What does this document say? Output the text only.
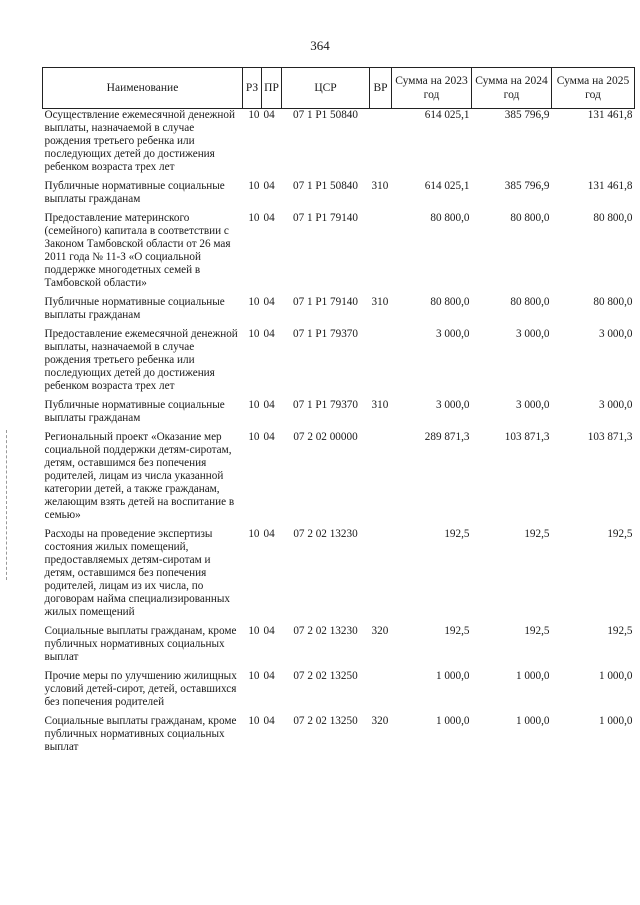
364
Наименование	РЗ	ПР	ЦСР	ВР	Сумма на 2023 год	Сумма на 2024 год	Сумма на 2025 год
Осуществление ежемесячной денежной выплаты, назначаемой в случае рождения третьего ребенка или последующих детей до достижения ребенком возраста трех лет	10	04	07 1 P1 50840		614 025,1	385 796,9	131 461,8
Публичные нормативные социальные выплаты гражданам	10	04	07 1 P1 50840	310	614 025,1	385 796,9	131 461,8
Предоставление материнского (семейного) капитала в соответствии с Законом Тамбовской области от 26 мая 2011 года № 11-З «О социальной поддержке многодетных семей в Тамбовской области»	10	04	07 1 P1 79140		80 800,0	80 800,0	80 800,0
Публичные нормативные социальные выплаты гражданам	10	04	07 1 P1 79140	310	80 800,0	80 800,0	80 800,0
Предоставление ежемесячной денежной выплаты, назначаемой в случае рождения третьего ребенка или последующих детей до достижения ребенком возраста трех лет	10	04	07 1 P1 79370		3 000,0	3 000,0	3 000,0
Публичные нормативные социальные выплаты гражданам	10	04	07 1 P1 79370	310	3 000,0	3 000,0	3 000,0
Региональный проект «Оказание мер социальной поддержки детям-сиротам, детям, оставшимся без попечения родителей, лицам из числа указанной категории детей, а также гражданам, желающим взять детей на воспитание в семью»	10	04	07 2 02 00000		289 871,3	103 871,3	103 871,3
Расходы на проведение экспертизы состояния жилых помещений, предоставляемых детям-сиротам и детям, оставшимся без попечения родителей, лицам из их числа, по договорам найма специализированных жилых помещений	10	04	07 2 02 13230		192,5	192,5	192,5
Социальные выплаты гражданам, кроме публичных нормативных социальных выплат	10	04	07 2 02 13230	320	192,5	192,5	192,5
Прочие меры по улучшению жилищных условий детей-сирот, детей, оставшихся без попечения родителей	10	04	07 2 02 13250		1 000,0	1 000,0	1 000,0
Социальные выплаты гражданам, кроме публичных нормативных социальных выплат	10	04	07 2 02 13250	320	1 000,0	1 000,0	1 000,0
